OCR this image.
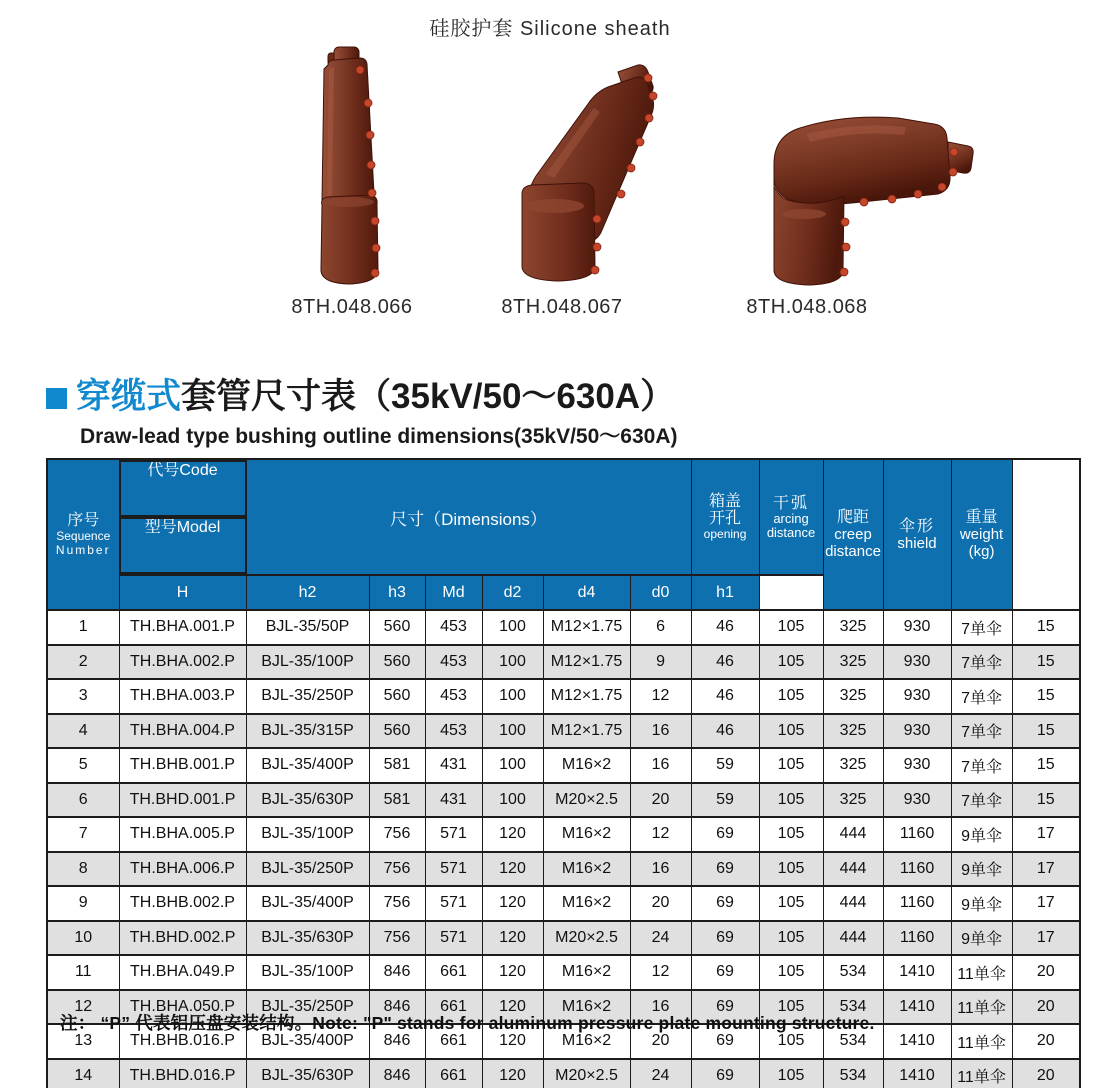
硅胶护套 Silicone sheath
8TH.048.066	8TH.048.067	8TH.048.068
穿缆式套管尺寸表（35kV/50～630A）
Draw-lead type bushing outline dimensions(35kV/50～630A)
序号
Sequence
Number

代号Code
型号Model	尺寸（Dimensions）						箱盖
开孔
opening	干弧
arcing
distance	爬距
creep
distance	伞形
shield	重量
weight
(kg)	

	H	h2	h3	Md	d2	d4	d0	h1					
1	TH.BHA.001.P	BJL-35/50P	560	453	100	M12×1.75	6	46	105	325	930	7单伞	15
2	TH.BHA.002.P	BJL-35/100P	560	453	100	M12×1.75	9	46	105	325	930	7单伞	15
3	TH.BHA.003.P	BJL-35/250P	560	453	100	M12×1.75	12	46	105	325	930	7单伞	15
4	TH.BHA.004.P	BJL-35/315P	560	453	100	M12×1.75	16	46	105	325	930	7单伞	15
5	TH.BHB.001.P	BJL-35/400P	581	431	100	M16×2	16	59	105	325	930	7单伞	15
6	TH.BHD.001.P	BJL-35/630P	581	431	100	M20×2.5	20	59	105	325	930	7单伞	15
7	TH.BHA.005.P	BJL-35/100P	756	571	120	M16×2	12	69	105	444	1160	9单伞	17
8	TH.BHA.006.P	BJL-35/250P	756	571	120	M16×2	16	69	105	444	1160	9单伞	17
9	TH.BHB.002.P	BJL-35/400P	756	571	120	M16×2	20	69	105	444	1160	9单伞	17
10	TH.BHD.002.P	BJL-35/630P	756	571	120	M20×2.5	24	69	105	444	1160	9单伞	17
11	TH.BHA.049.P	BJL-35/100P	846	661	120	M16×2	12	69	105	534	1410	11单伞	20
12	TH.BHA.050.P	BJL-35/250P	846	661	120	M16×2	16	69	105	534	1410	11单伞	20
13	TH.BHB.016.P	BJL-35/400P	846	661	120	M16×2	20	69	105	534	1410	11单伞	20
14	TH.BHD.016.P	BJL-35/630P	846	661	120	M20×2.5	24	69	105	534	1410	11单伞	20
注： “P” 代表铝压盘安装结构。Note: "P" stands for aluminum pressure plate mounting structure.
